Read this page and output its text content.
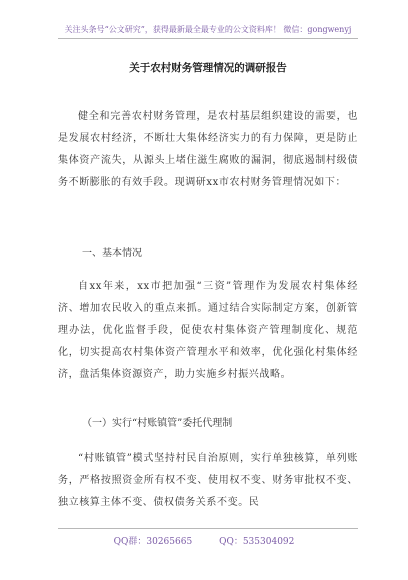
关注头条号“公文研究”，获得最新最全最专业的公文资料库！ 微信：gongwenyj
关于农村财务管理情况的调研报告
健全和完善农村财务管理，是农村基层组织建设的需要，也是发展农村经济，不断壮大集体经济实力的有力保障，更是防止集体资产流失，从源头上堵住滋生腐败的漏洞，彻底遏制村级债务不断膨胀的有效手段。现调研xx市农村财务管理情况如下：
一、基本情况
自xx年来，xx市把加强“三资”管理作为发展农村集体经济、增加农民收入的重点来抓。通过结合实际制定方案，创新管理办法，优化监督手段，促使农村集体资产管理制度化、规范化，切实提高农村集体资产管理水平和效率，优化强化村集体经济，盘活集体资源资产，助力实施乡村振兴战略。
（一）实行“村账镇管”委托代理制
“村账镇管”模式坚持村民自治原则，实行单独核算，单列账务，严格按照资金所有权不变、使用权不变、财务审批权不变、独立核算主体不变、债权债务关系不变。民
QQ群：30265665	QQ：535304092
